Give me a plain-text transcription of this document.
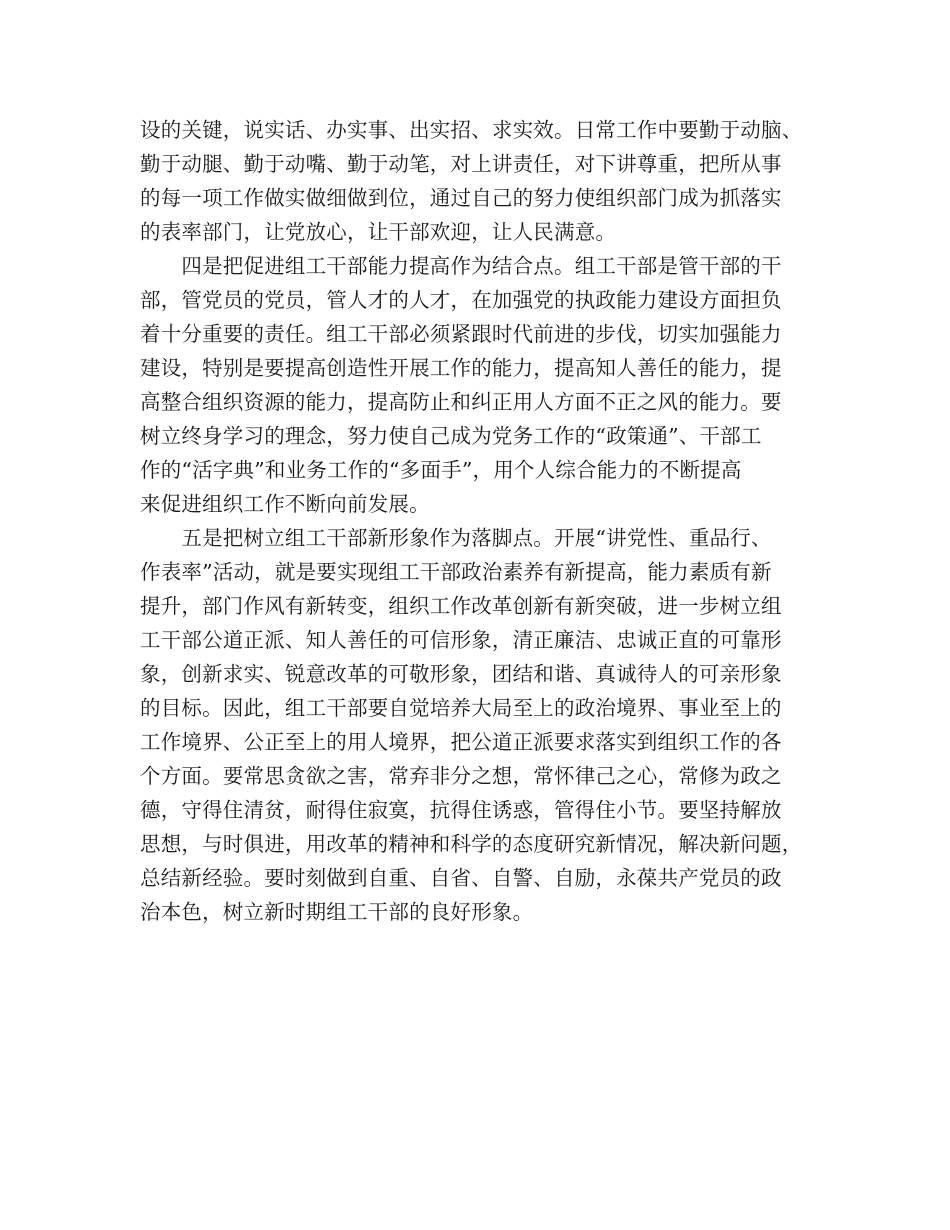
设的关键，说实话、办实事、出实招、求实效。日常工作中要勤于动脑、
勤于动腿、勤于动嘴、勤于动笔，对上讲责任，对下讲尊重，把所从事
的每一项工作做实做细做到位，通过自己的努力使组织部门成为抓落实
的表率部门，让党放心，让干部欢迎，让人民满意。
　　四是把促进组工干部能力提高作为结合点。组工干部是管干部的干
部，管党员的党员，管人才的人才，在加强党的执政能力建设方面担负
着十分重要的责任。组工干部必须紧跟时代前进的步伐，切实加强能力
建设，特别是要提高创造性开展工作的能力，提高知人善任的能力，提
高整合组织资源的能力，提高防止和纠正用人方面不正之风的能力。要
树立终身学习的理念，努力使自己成为党务工作的“政策通”、干部工
作的“活字典”和业务工作的“多面手”，用个人综合能力的不断提高
来促进组织工作不断向前发展。
　　五是把树立组工干部新形象作为落脚点。开展“讲党性、重品行、
作表率”活动，就是要实现组工干部政治素养有新提高，能力素质有新
提升，部门作风有新转变，组织工作改革创新有新突破，进一步树立组
工干部公道正派、知人善任的可信形象，清正廉洁、忠诚正直的可靠形
象，创新求实、锐意改革的可敬形象，团结和谐、真诚待人的可亲形象
的目标。因此，组工干部要自觉培养大局至上的政治境界、事业至上的
工作境界、公正至上的用人境界，把公道正派要求落实到组织工作的各
个方面。要常思贪欲之害，常弃非分之想，常怀律己之心，常修为政之
德，守得住清贫，耐得住寂寞，抗得住诱惑，管得住小节。要坚持解放
思想，与时俱进，用改革的精神和科学的态度研究新情况，解决新问题，
总结新经验。要时刻做到自重、自省、自警、自励，永葆共产党员的政
治本色，树立新时期组工干部的良好形象。
